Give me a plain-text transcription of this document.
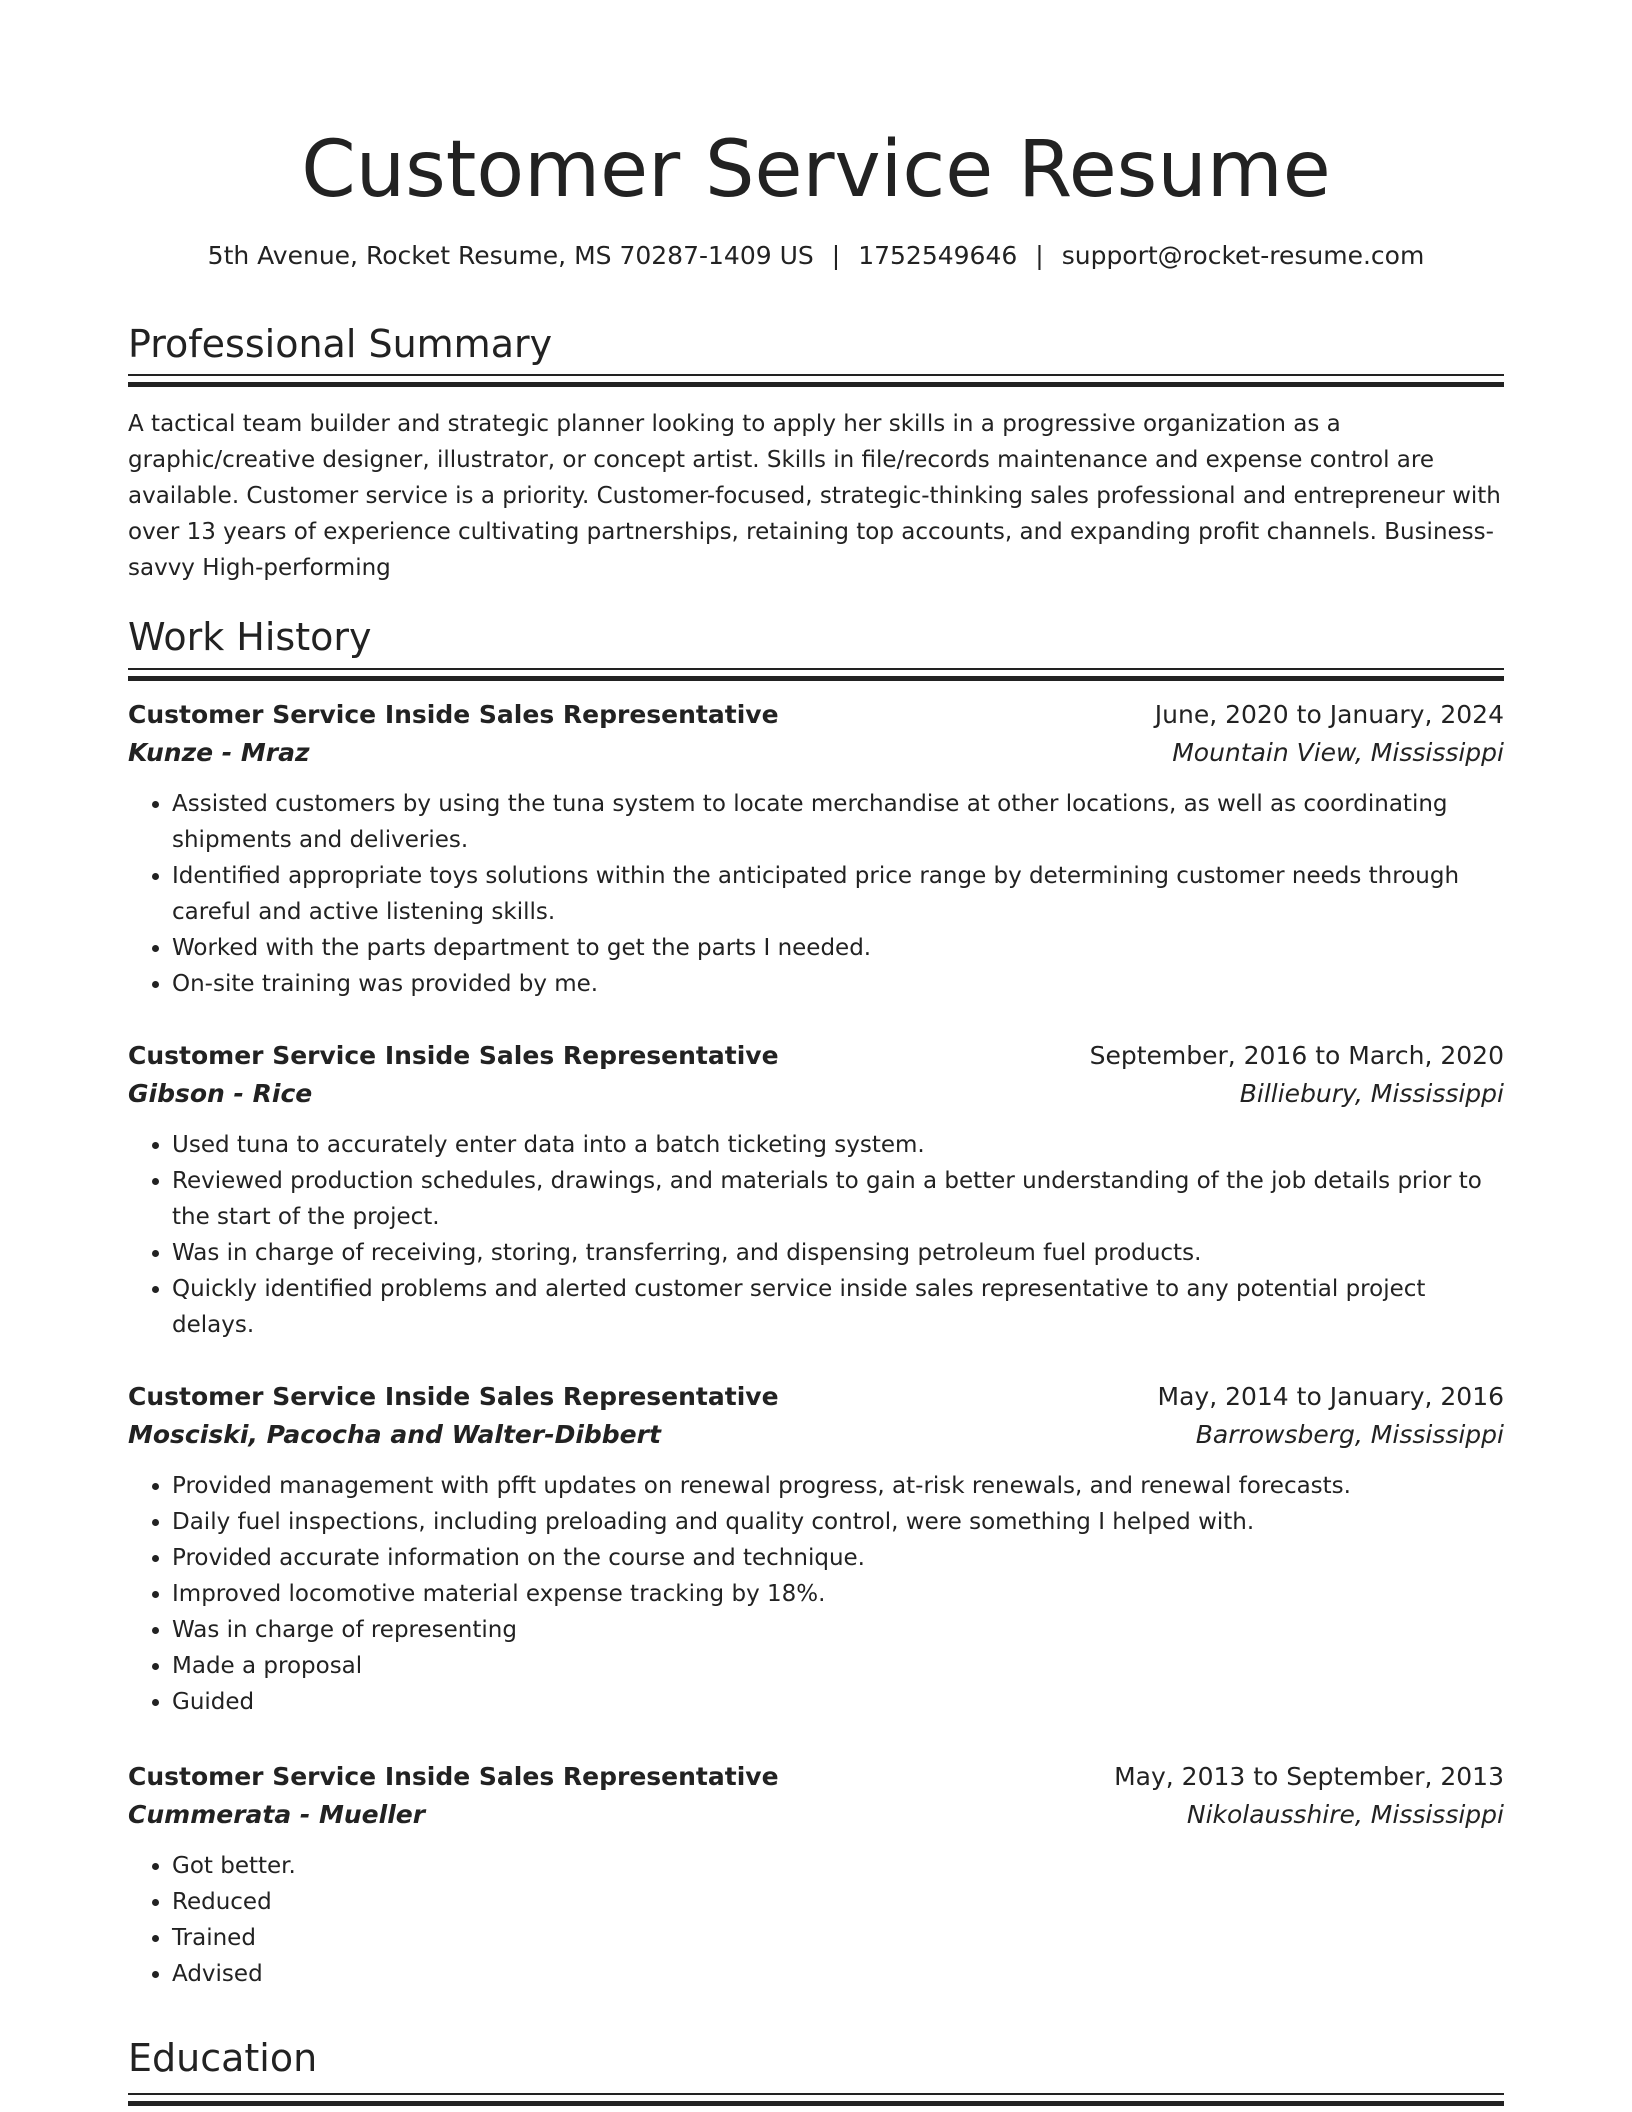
Customer Service Resume
5th Avenue, Rocket Resume, MS 70287-1409 US | 1752549646 | support@rocket-resume.com
Professional Summary

A tactical team builder and strategic planner looking to apply her skills in a progressive organization as a graphic/creative designer, illustrator, or concept artist. Skills in file/records maintenance and expense control are available. Customer service is a priority. Customer-focused, strategic-thinking sales professional and entrepreneur with over 13 years of experience cultivating partnerships, retaining top accounts, and expanding profit channels. Business-savvy High-performing

Work History
Customer Service Inside Sales Representative	June, 2020 to January, 2024
Kunze - Mraz	Mountain View, Mississippi
• Assisted customers by using the tuna system to locate merchandise at other locations, as well as coordinating shipments and deliveries.
• Identified appropriate toys solutions within the anticipated price range by determining customer needs through careful and active listening skills.
• Worked with the parts department to get the parts I needed.
• On-site training was provided by me.
Customer Service Inside Sales Representative	September, 2016 to March, 2020
Gibson - Rice	Billiebury, Mississippi
• Used tuna to accurately enter data into a batch ticketing system.
• Reviewed production schedules, drawings, and materials to gain a better understanding of the job details prior to the start of the project.
• Was in charge of receiving, storing, transferring, and dispensing petroleum fuel products.
• Quickly identified problems and alerted customer service inside sales representative to any potential project delays.
Customer Service Inside Sales Representative	May, 2014 to January, 2016
Mosciski, Pacocha and Walter-Dibbert	Barrowsberg, Mississippi
• Provided management with pfft updates on renewal progress, at-risk renewals, and renewal forecasts.
• Daily fuel inspections, including preloading and quality control, were something I helped with.
• Provided accurate information on the course and technique.
• Improved locomotive material expense tracking by 18%.
• Was in charge of representing
• Made a proposal
• Guided
Customer Service Inside Sales Representative	May, 2013 to September, 2013
Cummerata - Mueller	Nikolausshire, Mississippi
• Got better.
• Reduced
• Trained
• Advised
Education
